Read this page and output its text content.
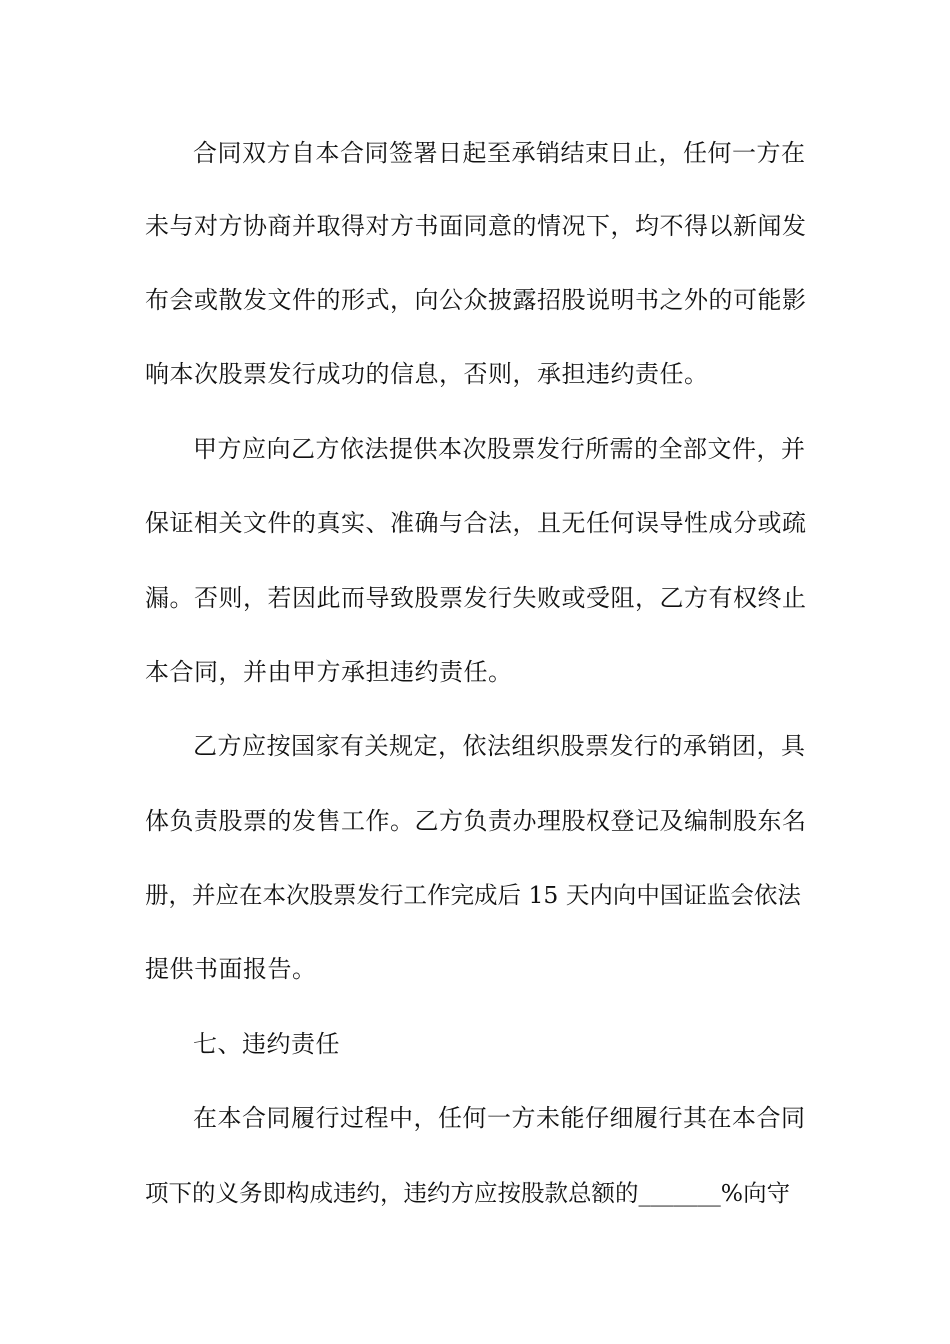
合同双方自本合同签署日起至承销结束日止，任何一方在
未与对方协商并取得对方书面同意的情况下，均不得以新闻发
布会或散发文件的形式，向公众披露招股说明书之外的可能影
响本次股票发行成功的信息，否则，承担违约责任。
甲方应向乙方依法提供本次股票发行所需的全部文件，并
保证相关文件的真实、准确与合法，且无任何误导性成分或疏
漏。否则，若因此而导致股票发行失败或受阻，乙方有权终止
本合同，并由甲方承担违约责任。
乙方应按国家有关规定，依法组织股票发行的承销团，具
体负责股票的发售工作。乙方负责办理股权登记及编制股东名
册，并应在本次股票发行工作完成后 15 天内向中国证监会依法
提供书面报告。
七、违约责任
在本合同履行过程中，任何一方未能仔细履行其在本合同
项下的义务即构成违约，违约方应按股款总额的_______%向守
